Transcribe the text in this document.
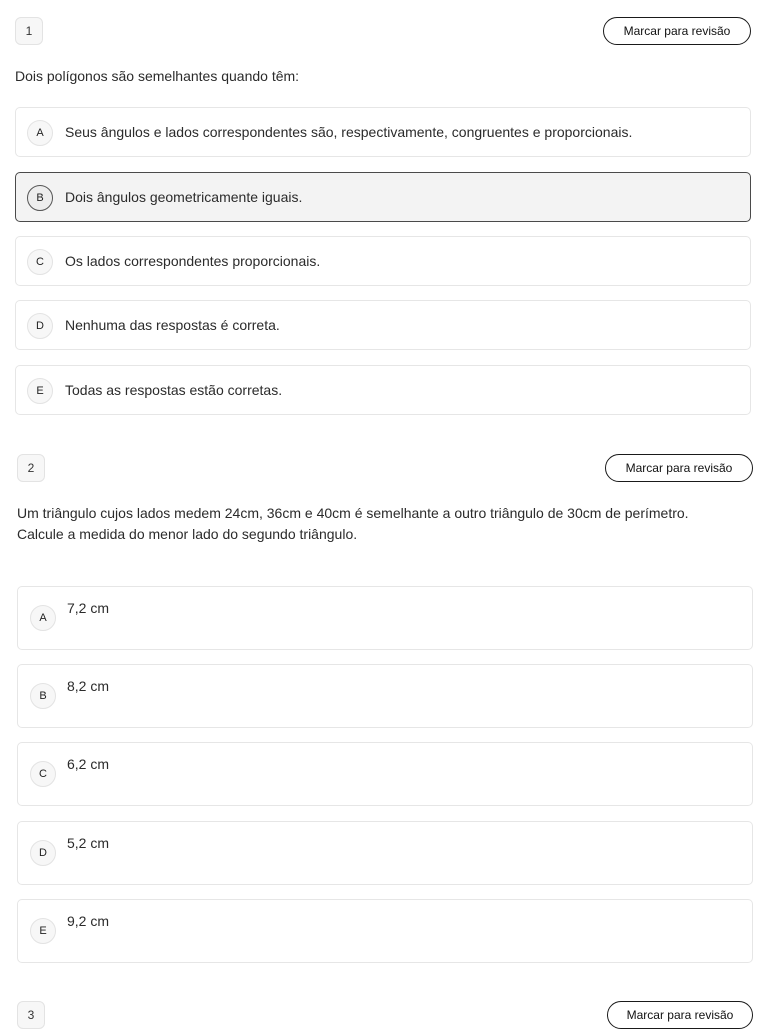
1	Marcar para revisão

Dois polígonos são semelhantes quando têm:

A	Seus ângulos e lados correspondentes são, respectivamente, congruentes e proporcionais.
B	Dois ângulos geometricamente iguais.
C	Os lados correspondentes proporcionais.
D	Nenhuma das respostas é correta.
E	Todas as respostas estão corretas.
2	Marcar para revisão

Um triângulo cujos lados medem 24cm, 36cm e 40cm é semelhante a outro triângulo de 30cm de perímetro.

Calcule a medida do menor lado do segundo triângulo.

A
7,2 cm
B
8,2 cm
C
6,2 cm
D
5,2 cm
E
9,2 cm
3	Marcar para revisão
